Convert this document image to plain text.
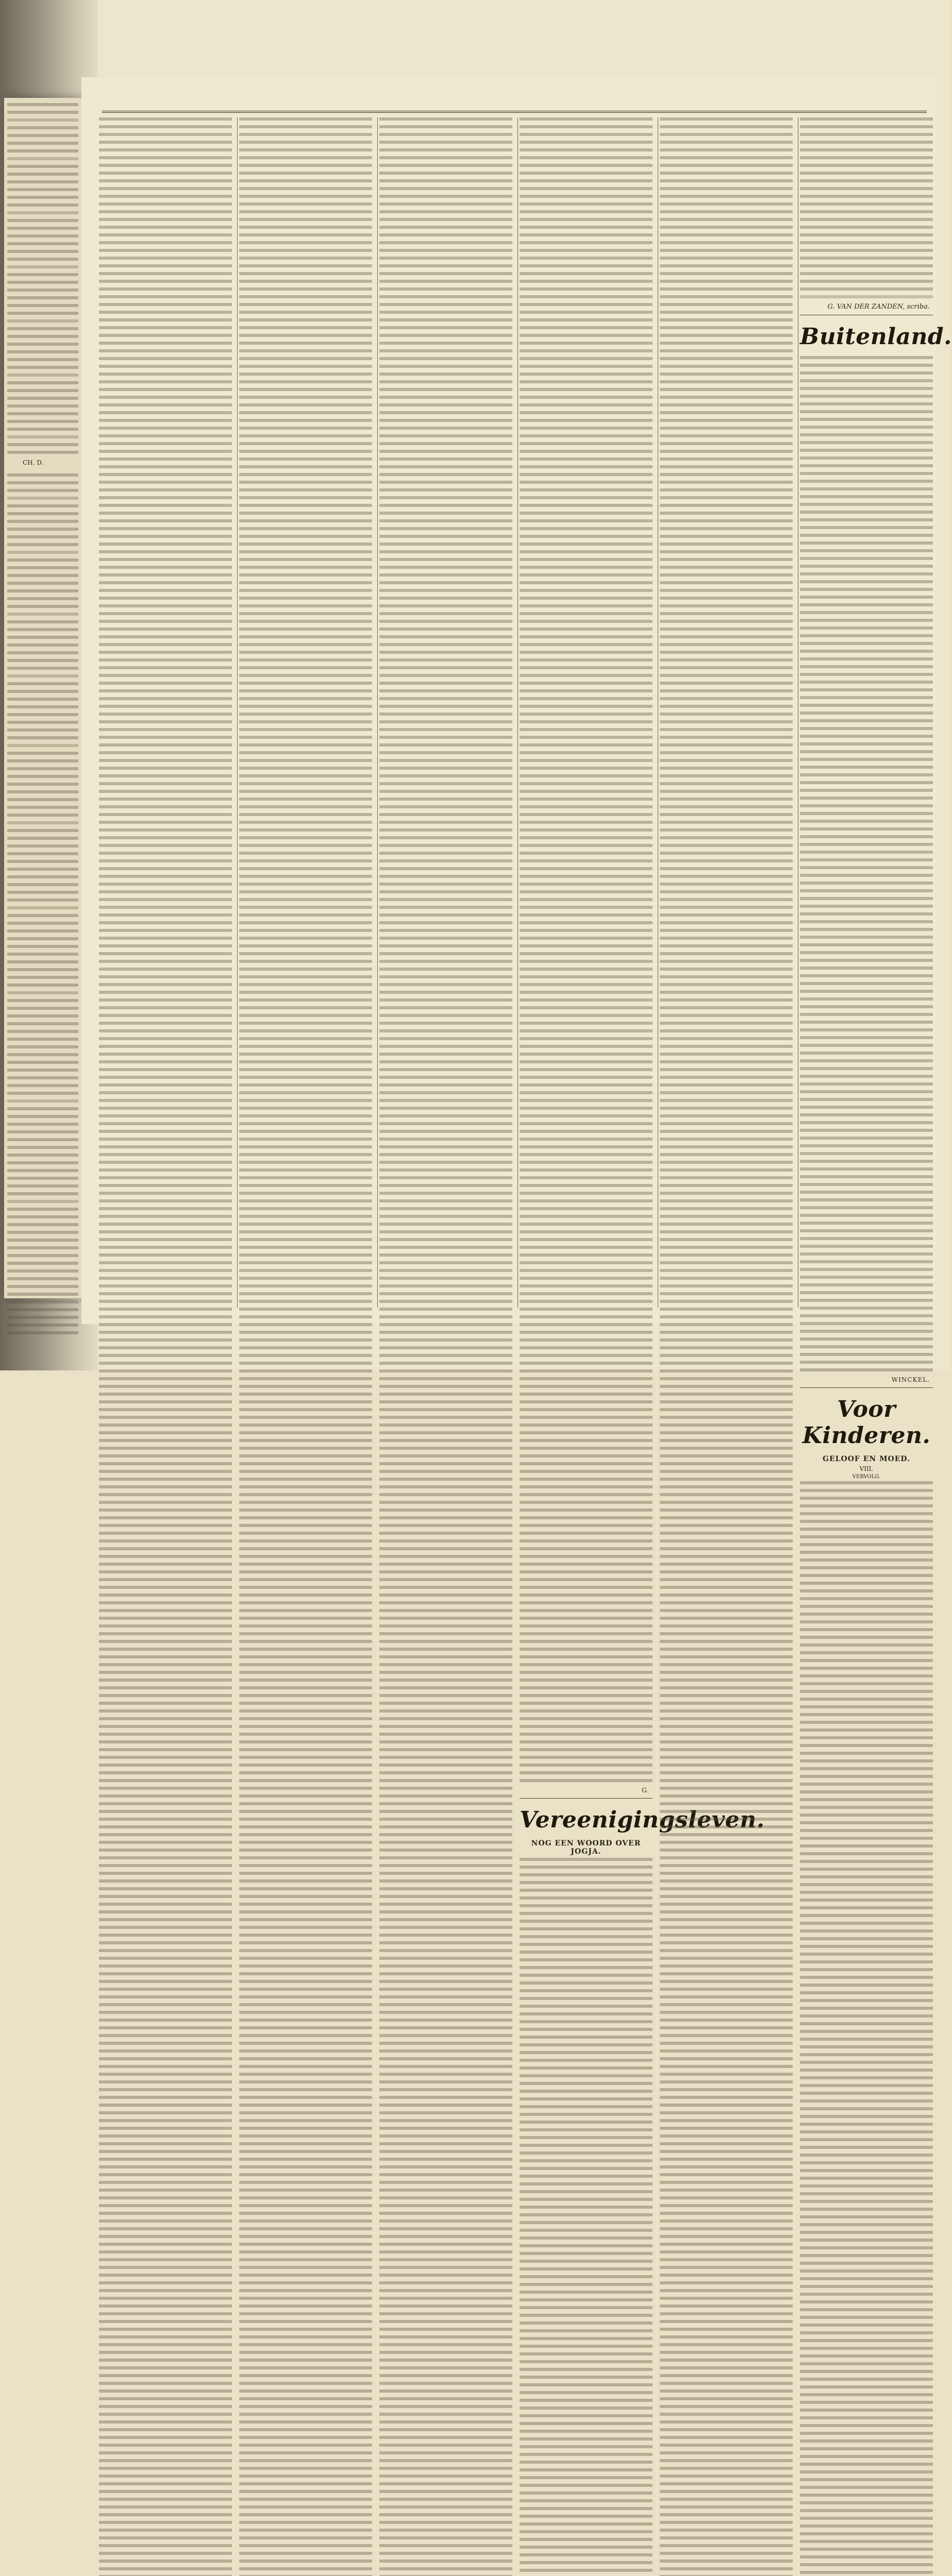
CH. D.
G.
Vereenigingsleven.
NOG EEN WOORD OVER JOGJA.
G. VAN DER ZANDEN, scriba.
Buitenland.
WINCKEL.
Voor Kinderen.
GELOOF EN MOED.
VIII.
VERVOLG.
